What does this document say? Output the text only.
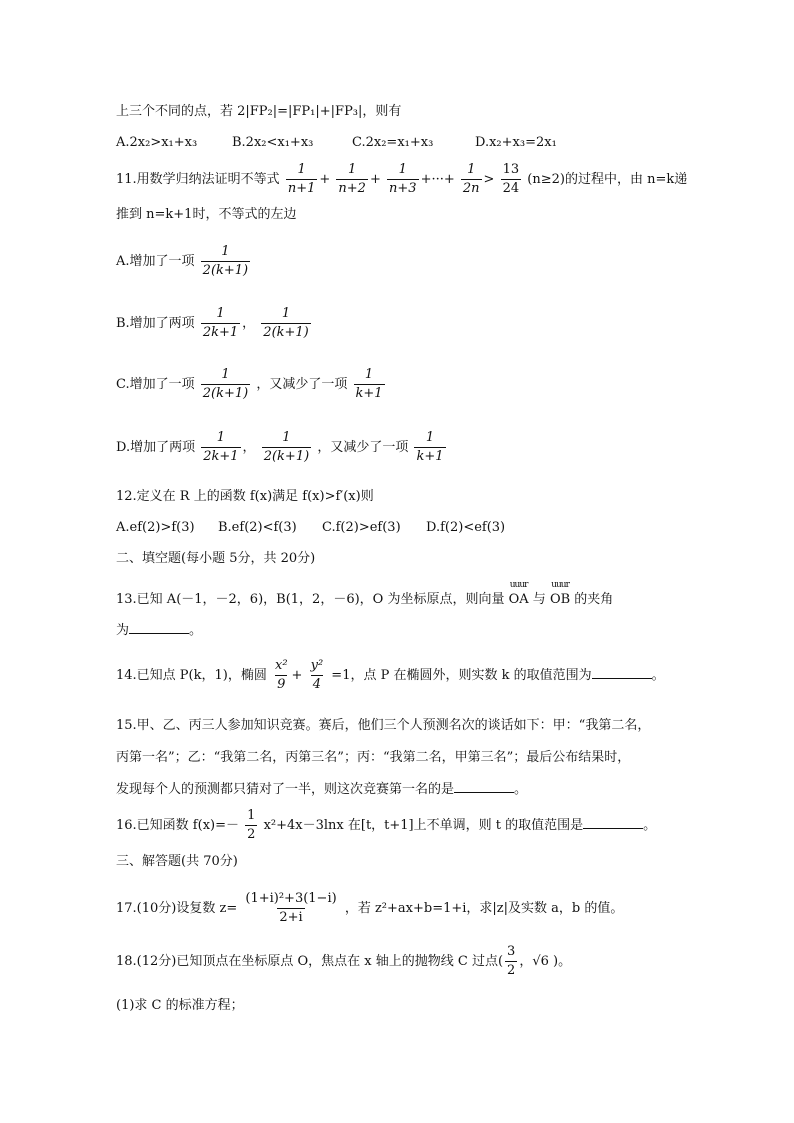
上三个不同的点，若 2|FP₂|=|FP₁|+|FP₃|，则有
A.2x₂>x₁+x₃	B.2x₂<x₁+x₃	C.2x₂=x₁+x₃	D.x₂+x₃=2x₁
11.用数学归纳法证明不等式 $\frac{1}{n+1} + \frac{1}{n+2} + \frac{1}{n+3}$ +···+ $\frac{1}{2n} > \frac{13}{24} (n\ge 2)$的过程中，由 n=k递
推到 n=k+1时，不等式的左边
A.增加了一项 $\frac{1}{2(k+1)}$
B.增加了两项 $\frac{1}{2k+1}$ ， $\frac{1}{2(k+1)}$
C.增加了一项 $\frac{1}{2(k+1)}$ ，又减少了一项 $\frac{1}{k+1}$
D.增加了两项 $\frac{1}{2k+1}$ ， $\frac{1}{2(k+1)}$ ，又减少了一项 $\frac{1}{k+1}$
12.定义在 R 上的函数 f(x)满足 f(x)>f′(x)则
A.ef(2)>f(3) B.ef(2)<f(3) C.f(2)>ef(3) D.f(2)<ef(3)
二、填空题(每小题 5分，共 20分)
13.已知 A(－1，－2，6)，B(1，2，－6)，O 为坐标原点，则向量
uuur
OA 与
uuur
OB 的夹角
为	。
14.已知点 P(k，1)，椭圆 $\frac{\text{x²}}{9} + \frac{\text{y²}}{4} =1$，点 P 在椭圆外，则实数 k 的取值范围为	。
15.甲、乙、丙三人参加知识竞赛。赛后，他们三个人预测名次的谈话如下：甲：“我第二名，
丙第一名”；乙：“我第二名，丙第三名”；丙：“我第二名，甲第三名”；最后公布结果时，
发现每个人的预测都只猜对了一半，则这次竞赛第一名的是	。
16.已知函数 $f(x)=- \frac{1}{2} x^2+4x-3\ln x$ 在[t，t+1]上不单调，则 t 的取值范围是	。
三、解答题(共 70分)
17.(10分)设复数 $z= \frac{\text{(1+i)²+3(1−i)}}{2+i}$ ，若 z²+ax+b=1+i，求|z|及实数 a，b 的值。
18.(12分)已知顶点在坐标原点 O，焦点在 x 轴上的抛物线 C 过点( $\frac{3}{2}$ ，√6 )。
(1)求 C 的标准方程；
